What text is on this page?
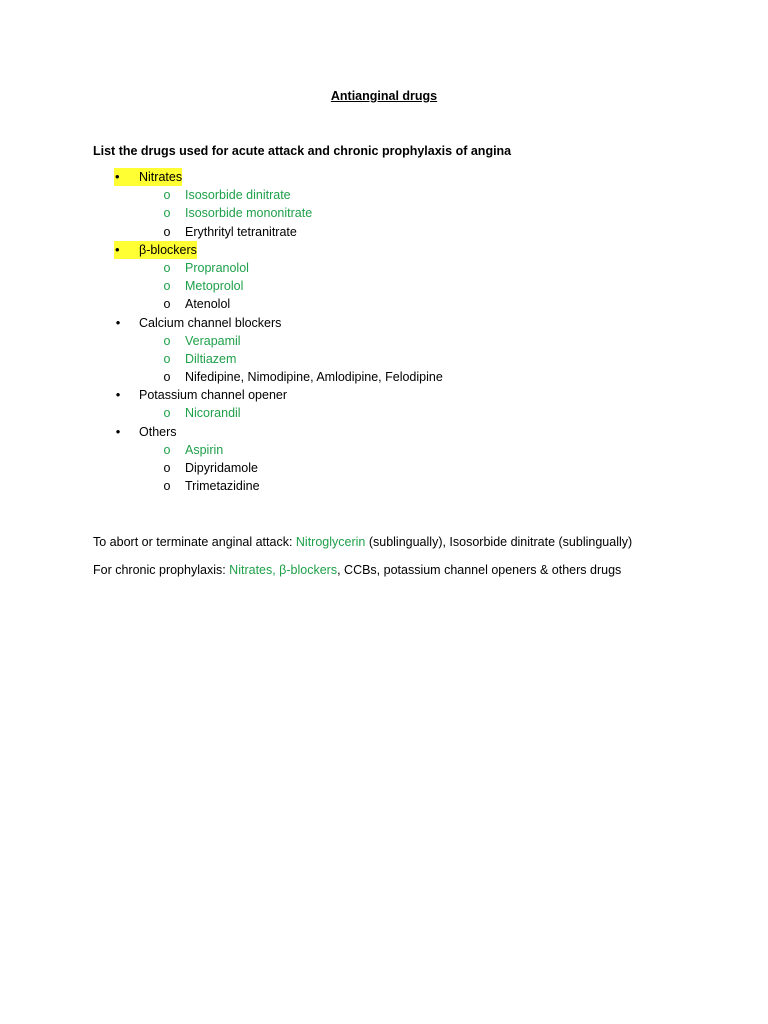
Antianginal drugs
List the drugs used for acute attack and chronic prophylaxis of angina
•	Nitrates
o Isosorbide dinitrate
o Isosorbide mononitrate
o Erythrityl tetranitrate
•	β-blockers
o Propranolol
o Metoprolol
o Atenolol
• Calcium channel blockers
o Verapamil
o Diltiazem
o Nifedipine, Nimodipine, Amlodipine, Felodipine
• Potassium channel opener
o Nicorandil
• Others
o Aspirin
o Dipyridamole
o Trimetazidine
To abort or terminate anginal attack: Nitroglycerin (sublingually), Isosorbide dinitrate (sublingually)
For chronic prophylaxis: Nitrates, β-blockers, CCBs, potassium channel openers & others drugs
